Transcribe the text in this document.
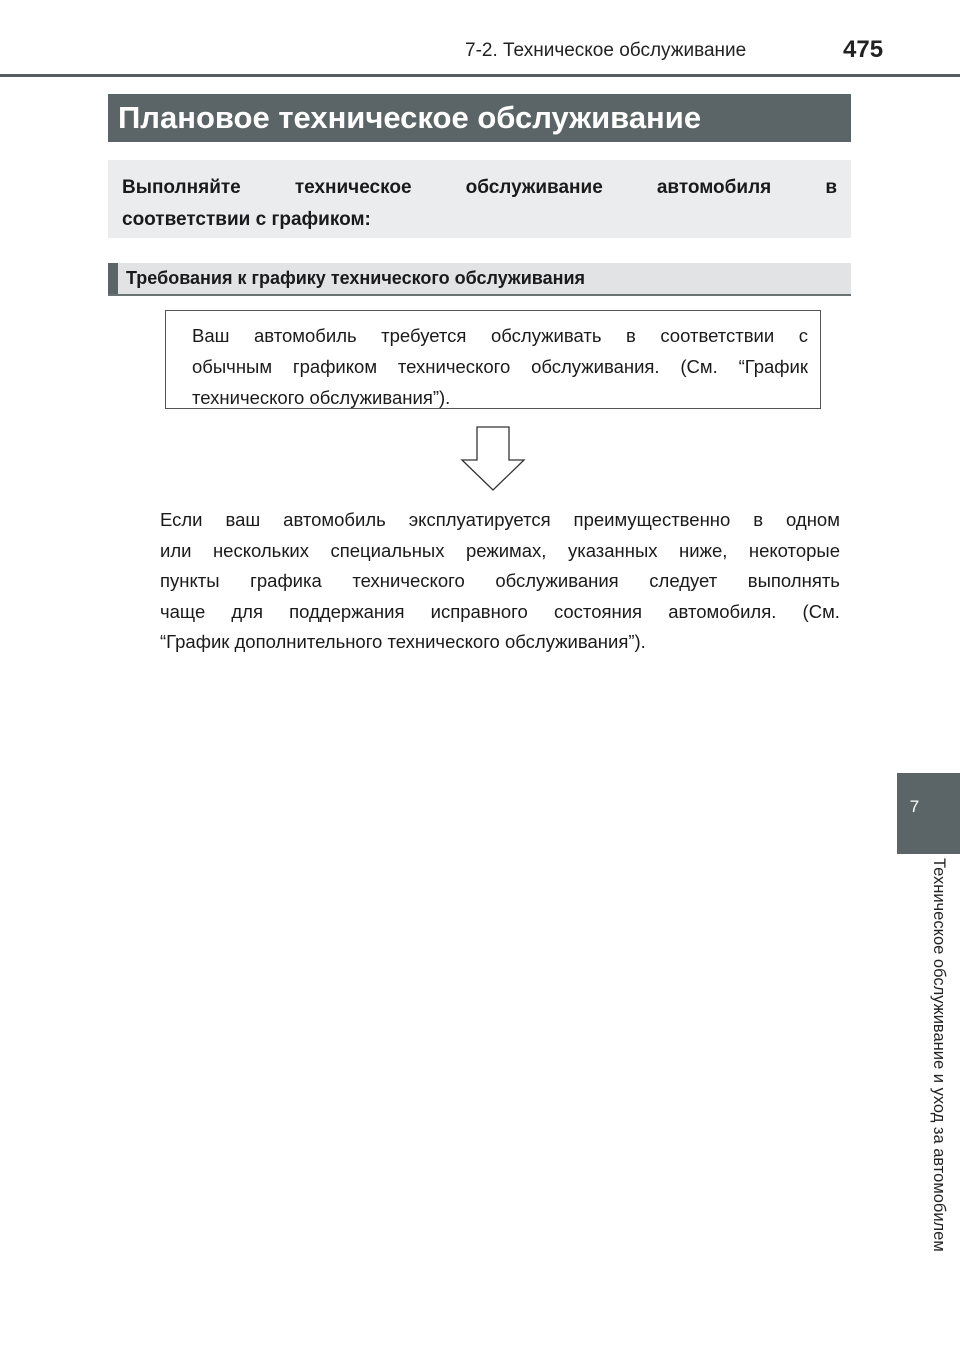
7-2. Техническое обслуживание	475
Плановое техническое обслуживание
Выполняйте	техническое	обслуживание	автомобиля	в
соответствии с графиком:
Требования к графику технического обслуживания
Ваш автомобиль требуется обслуживать в соответствии с
обычным графиком технического обслуживания. (См. “График
технического обслуживания”).
Если ваш автомобиль эксплуатируется преимущественно в одном
или нескольких специальных режимах, указанных ниже, некоторые
пункты графика технического обслуживания следует выполнять
чаще для поддержания исправного состояния автомобиля. (См.
“График дополнительного технического обслуживания”).
7
Техническое обслуживание и уход за автомобилем
